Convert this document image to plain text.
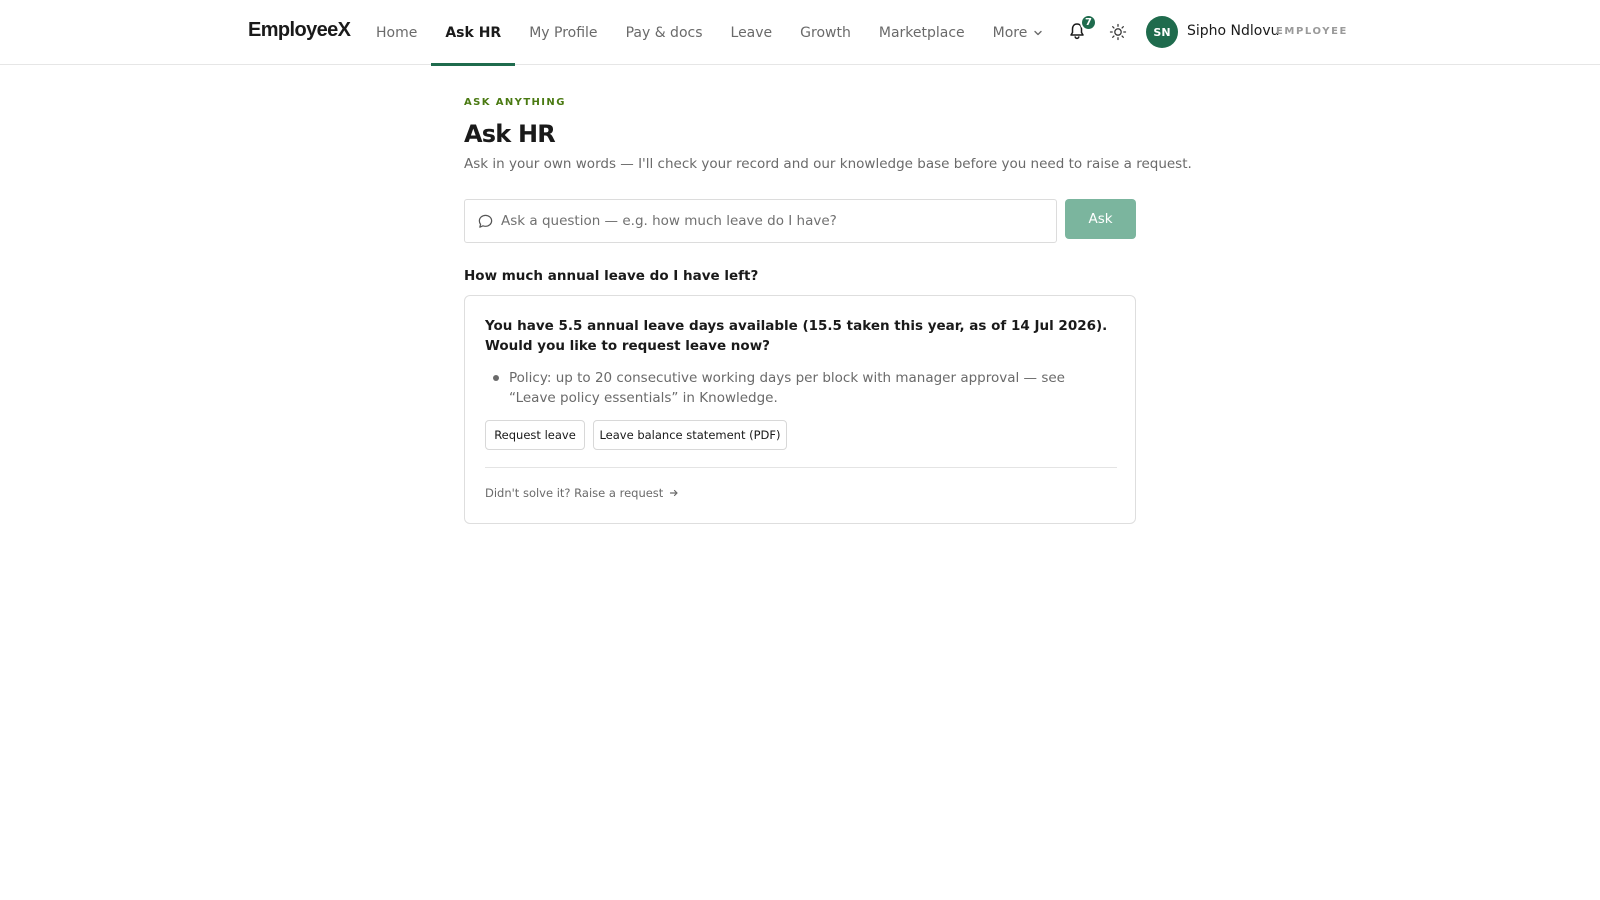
EmployeeX	Home	Ask HR	My Profile	Pay & docs	Leave	Growth	Marketplace	More
7
SN	Sipho Ndlovu
EMPLOYEE
ASK ANYTHING
Ask HR

Ask in your own words — I'll check your record and our knowledge base before you need to raise a request.

Ask a question — e.g. how much leave do I have?
Ask
How much annual leave do I have left?

You have 5.5 annual leave days available (15.5 taken this year, as of 14 Jul 2026). Would you like to request leave now?

Policy: up to 20 consecutive working days per block with manager approval — see “Leave policy essentials” in Knowledge.

Request leave	Leave balance statement (PDF)
Didn't solve it? Raise a request
